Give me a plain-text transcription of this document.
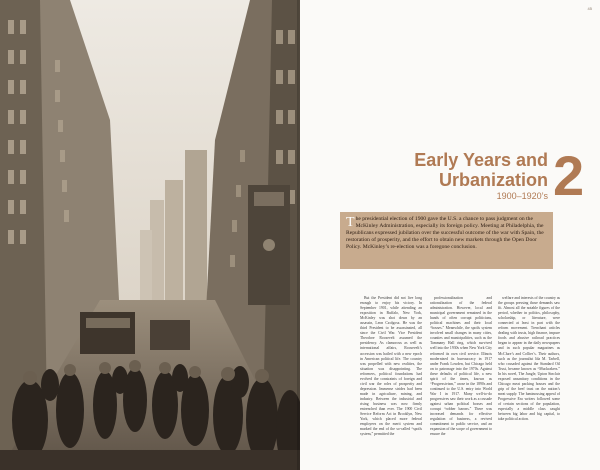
45
Early Years and
Urbanization
1900–1920’s 2
T he presidential election of 1900 gave the U.S. a chance to pass judgment on the McKinley Administration, especially its foreign policy. Meeting at Philadelphia, the Republicans expressed jubilation over the successful outcome of the war with Spain, the restoration of prosperity, and the effort to obtain new markets through the Open Door Policy. McKinley’s re-election was a foregone conclusion.

But the President did not live long enough to enjoy his victory. In September 1901, while attending an exposition in Buffalo, New York, McKinley was shot down by an assassin, Leon Czolgosz. He was the third President to be assassinated, all since the Civil War. Vice President Theodore Roosevelt assumed the presidency. As clamorous as well as international affairs, Roosevelt’s accession was hailed with a new epoch in American political life. The country was propelled with new realities, the situation was disappointing. The reformers, political foundations had evolved the constraints of foreign and civil war the roles of prosperity and depression. Immense strides had been made in agriculture, mining, and industry. Between the industrial and rising business was now firmly entrenched than ever. The 1900 Civil Service Reform Act in Brooklyn, New York, which placed more federal employees on the merit system and marked the end of the so-called “spoils system,” permitted the

professionalization and rationalization of the federal administration. However, local and municipal government remained in the hands of often corrupt politicians, political machines and their local “bosses.” Meanwhile, the spoils system involved small changes in many cities, counties and municipalities, such as the Tammany Hall ring, which survived well into the 1930s when New York City reformed its own civil service. Illinois modernized its bureaucracy in 1917 under Frank Lowden, but Chicago held on to patronage into the 1970s. Against these defaults of political life, a new spirit of the times, known as “Progressivism,” arose in the 1890s and continued to the U.S. entry into World War I in 1917. Many well-to-do progressives saw their work as a crusade against urban political bosses and corrupt “robber barons.” There was increased demands for effective regulation of business, a revived commitment to public service, and an expansion of the scope of government to ensure the

welfare and interests of the country as the groups pressing those demands saw fit. Almost all the notable figures of the period, whether in politics, philosophy, scholarship, or literature, were connected at least in part with the reform movement. Trenchant articles dealing with trusts, high finance, impure foods and abusive railroad practices began to appear in the daily newspapers and in such popular magazines as McClure’s and Collier’s. Their authors, such as the journalist Ida M. Tarbell, who crusaded against the Standard Oil Trust, became known as “Muckrakers.” In his novel, The Jungle, Upton Sinclair exposed unsanitary conditions in the Chicago meat packing houses and the grip of the beef trust on the nation’s meat supply. The luminousing appeal of Progressive Era writers followed some of certain sections of the population, especially a middle class caught between big labor and big capital, to take political action.
